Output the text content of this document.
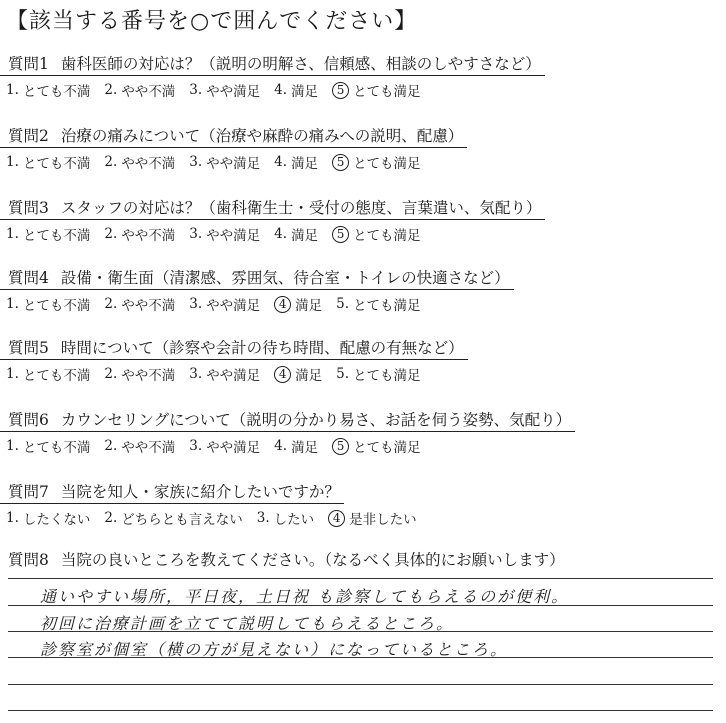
【該当する番号を○で囲んでください】
質問1 歯科医師の対応は？（説明の明解さ、信頼感、相談のしやすさなど）
1. とても不満 2. やや不満 3. やや満足 4. 満足	5 とても満足
質問2 治療の痛みについて（治療や麻酔の痛みへの説明、配慮）
1. とても不満 2. やや不満 3. やや満足 4. 満足	5 とても満足
質問3 スタッフの対応は？（歯科衛生士・受付の態度、言葉遣い、気配り）
1. とても不満 2. やや不満 3. やや満足 4. 満足	5 とても満足
質問4 設備・衛生面（清潔感、雰囲気、待合室・トイレの快適さなど）
1. とても不満 2. やや不満 3. やや満足	4 満足 5. とても満足
質問5 時間について（診察や会計の待ち時間、配慮の有無など）
1. とても不満 2. やや不満 3. やや満足	4 満足 5. とても満足
質問6 カウンセリングについて（説明の分かり易さ、お話を伺う姿勢、気配り）
1. とても不満 2. やや不満 3. やや満足 4. 満足	5 とても満足
質問7 当院を知人・家族に紹介したいですか？
1. したくない 2. どちらとも言えない 3. したい	4 是非したい
質問8 当院の良いところを教えてください。（なるべく具体的にお願いします）
通いやすい場所，平日夜，土日祝 も診察してもらえるのが便利。
初回に治療計画を立てて説明してもらえるところ。
診察室が個室（横の方が見えない）になっているところ。
